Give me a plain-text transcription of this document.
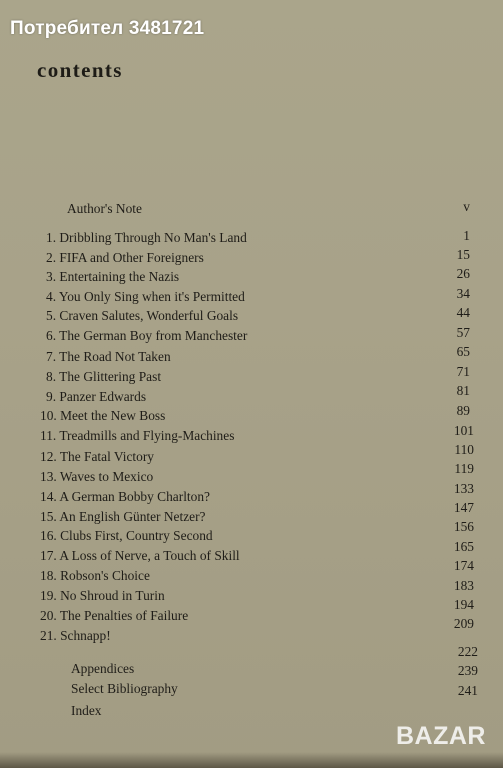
Потребител 3481721
contents
Author's Note	v
1. Dribbling Through No Man's Land
2. FIFA and Other Foreigners
3. Entertaining the Nazis
4. You Only Sing when it's Permitted
5. Craven Salutes, Wonderful Goals
6. The German Boy from Manchester
7. The Road Not Taken
8. The Glittering Past
9. Panzer Edwards
10. Meet the New Boss
11. Treadmills and Flying-Machines
12. The Fatal Victory
13. Waves to Mexico
14. A German Bobby Charlton?
15. An English Günter Netzer?
16. Clubs First, Country Second
17. A Loss of Nerve, a Touch of Skill
18. Robson's Choice
19. No Shroud in Turin
20. The Penalties of Failure
21. Schnapp!
1
15
26
34
44
57
65
71
81
89
101
110
119
133
147
156
165
174
183
194
209
Appendices
Select Bibliography
Index
222
239
241
BAZAR
